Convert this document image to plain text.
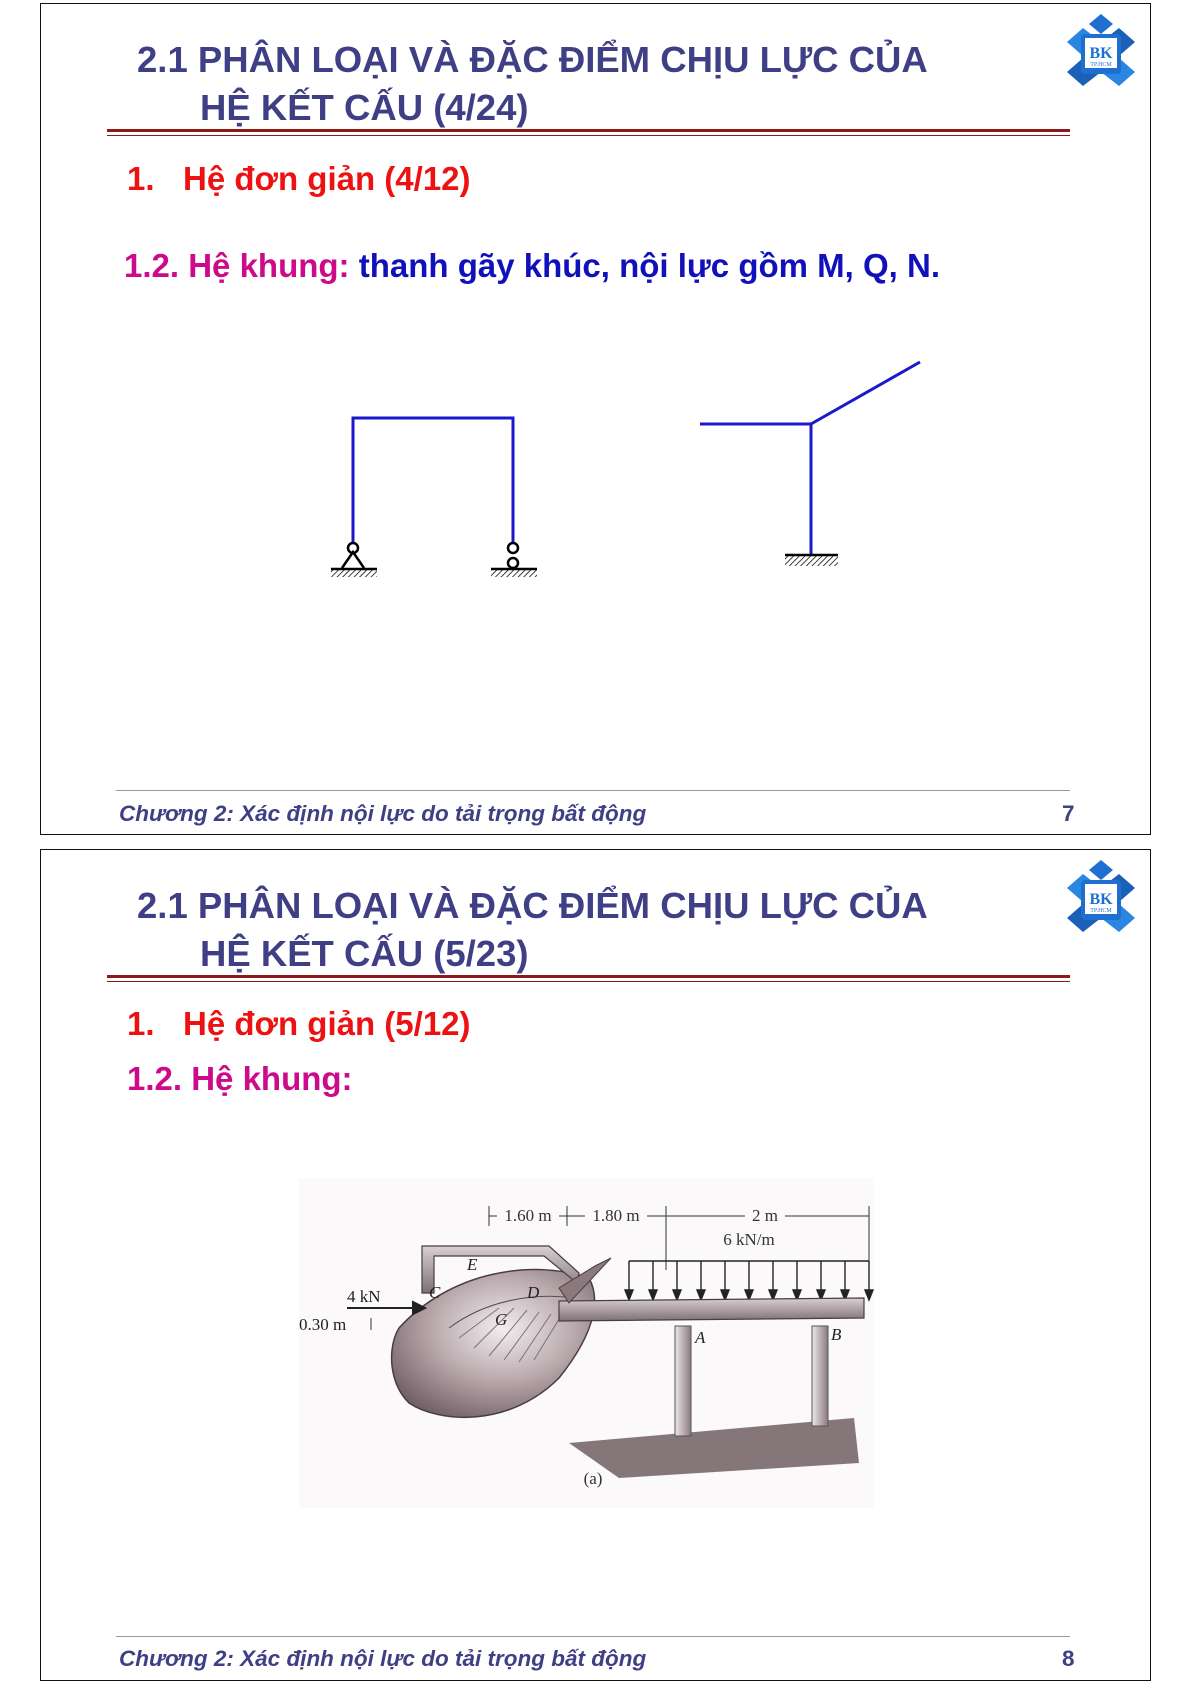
2.1 PHÂN LOẠI VÀ ĐẶC ĐIỂM CHỊU LỰC CỦA
HỆ KẾT CẤU (4/24)
BK
TP.HCM
1. Hệ đơn giản (4/12)
1.2. Hệ khung: thanh gãy khúc, nội lực gồm M, Q, N.
Chương 2: Xác định nội lực do tải trọng bất động	7
2.1 PHÂN LOẠI VÀ ĐẶC ĐIỂM CHỊU LỰC CỦA
HỆ KẾT CẤU (5/23)
BK
TP.HCM
1. Hệ đơn giản (5/12)
1.2. Hệ khung:
1.60 m 1.80 m	2 m
6 kN/m
4 kN
0.30 m
C
E
D
G
A	B
(a)
Chương 2: Xác định nội lực do tải trọng bất động	8
